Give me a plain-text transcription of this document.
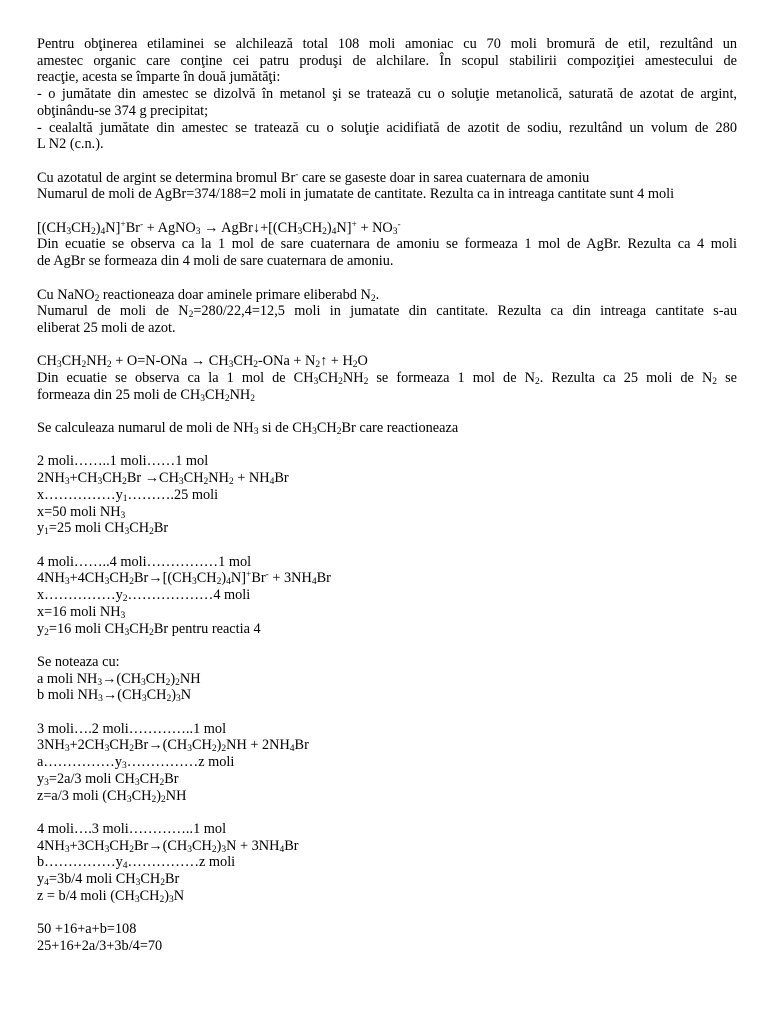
Pentru obţinerea etilaminei se alchilează total 108 moli amoniac cu 70 moli bromură de etil, rezultând un
amestec organic care conţine cei patru produşi de alchilare. În scopul stabilirii compoziţiei amestecului de
reacţie, acesta se împarte în două jumătăţi:
- o jumătate din amestec se dizolvă în metanol şi se tratează cu o soluţie metanolică, saturată de azotat de argint,
obţinându-se 374 g precipitat;
- cealaltă jumătate din amestec se tratează cu o soluţie acidifiată de azotit de sodiu, rezultând un volum de 280
L N2 (c.n.).
Cu azotatul de argint se determina bromul Br- care se gaseste doar in sarea cuaternara de amoniu
Numarul de moli de AgBr=374/188=2 moli in jumatate de cantitate. Rezulta ca in intreaga cantitate sunt 4 moli
$[(CH_3CH_2)_4N]^+Br^-$ + AgNO$_3$ → $AgBr↓+[(CH_3CH_2)_4N]^+ + NO_3^-$
Din ecuatie se observa ca la 1 mol de sare cuaternara de amoniu se formeaza 1 mol de AgBr. Rezulta ca 4 moli
de AgBr se formeaza din 4 moli de sare cuaternara de amoniu.
Cu NaNO$_2$ reactioneaza doar aminele primare eliberabd $N_2$.
Numarul de moli de $N_2=280/22,4=12,5$ moli in jumatate din cantitate. Rezulta ca din intreaga cantitate s-au
eliberat 25 moli de azot.
$CH_3CH_2NH_2 + O=N-ONa \to CH_3CH_2-ONa$ + $N_2↑ + H_2O$
Din ecuatie se observa ca la 1 mol de $CH_3CH_2NH_2$ se formeaza 1 mol de $N_2$. Rezulta ca 25 moli de $N_2$ se
formeaza din 25 moli de $CH_3CH_2NH_2$
Se calculeaza numarul de moli de $NH_3$ si de $CH_3CH_2Br$ care reactioneaza
2 moli……..1 moli……1 mol
$2NH_3+CH_3CH_2Br \to CH_3CH_2NH_2 + NH_4Br$
$x\dots\dots\dots\dots\dots y_1\dots\dots\dots.25$ moli
x=50 moli $NH_3$
$y_1=25$ moli $CH_3CH_2Br$
4 moli……..4 moli……………1 mol
$4NH_3+4CH_3CH_2Br\to[(CH_3CH_2)_4N]^+Br^- + 3NH_4Br$
$x\dots\dots\dots\dots\dots y_2\dots\dots\dots\dots\dots\dots 4$ moli
x=16 moli $NH_3$
$y_2=16$ moli $CH_3CH_2Br$ pentru reactia 4
Se noteaza cu:
a moli $NH_3\to(CH_3CH_2)_2NH$
b moli $NH_3\to(CH_3CH_2)_3N$
3 moli….2 moli…………..1 mol
$3NH_3+2CH_3CH_2Br\to(CH_3CH_2)_2NH + 2NH_4Br$
$a\dots\dots\dots\dots\dots y_3\dots\dots\dots\dots\dots z$ moli
$y_3=2a/3$ moli $CH_3CH_2Br$
z=a/3 moli $(CH_3CH_2)_2NH$
4 moli….3 moli…………..1 mol
$4NH_3+3CH_3CH_2Br\to(CH_3CH_2)_3N + 3NH_4Br$
$b\dots\dots\dots\dots\dots y_4\dots\dots\dots\dots\dots z$ moli
$y_4=3b/4$ moli $CH_3CH_2Br$
z = b/4 moli $(CH_3CH_2)_3N$
50 +16+a+b=108
25+16+2a/3+3b/4=70
